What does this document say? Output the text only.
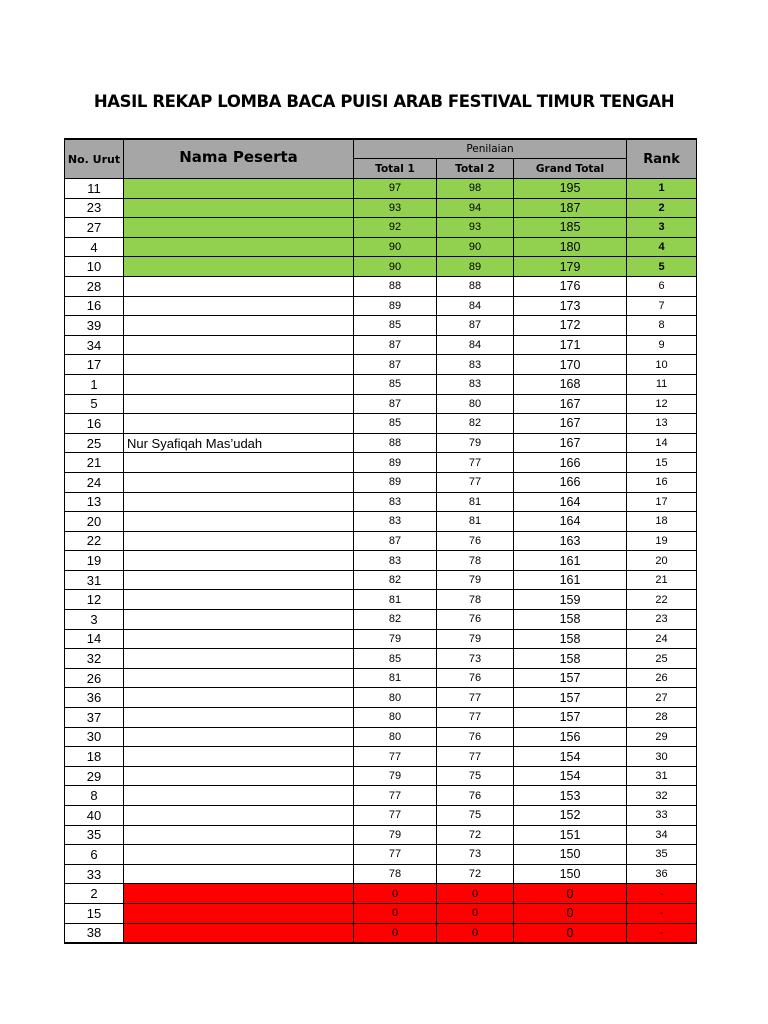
HASIL REKAP LOMBA BACA PUISI ARAB FESTIVAL TIMUR TENGAH
No. Urut	Nama Peserta	Penilaian			Rank
		Total 1	Total 2	Grand Total	
11		97	98	195	1
23		93	94	187	2
27		92	93	185	3
4		90	90	180	4
10		90	89	179	5
28		88	88	176	6
16		89	84	173	7
39		85	87	172	8
34		87	84	171	9
17		87	83	170	10
1		85	83	168	11
5		87	80	167	12
16		85	82	167	13
25	Nur Syafiqah Mas’udah	88	79	167	14
21		89	77	166	15
24		89	77	166	16
13		83	81	164	17
20		83	81	164	18
22		87	76	163	19
19		83	78	161	20
31		82	79	161	21
12		81	78	159	22
3		82	76	158	23
14		79	79	158	24
32		85	73	158	25
26		81	76	157	26
36		80	77	157	27
37		80	77	157	28
30		80	76	156	29
18		77	77	154	30
29		79	75	154	31
8		77	76	153	32
40		77	75	152	33
35		79	72	151	34
6		77	73	150	35
33		78	72	150	36
2		0	0	0	-
15		0	0	0	-
38		0	0	0	-
